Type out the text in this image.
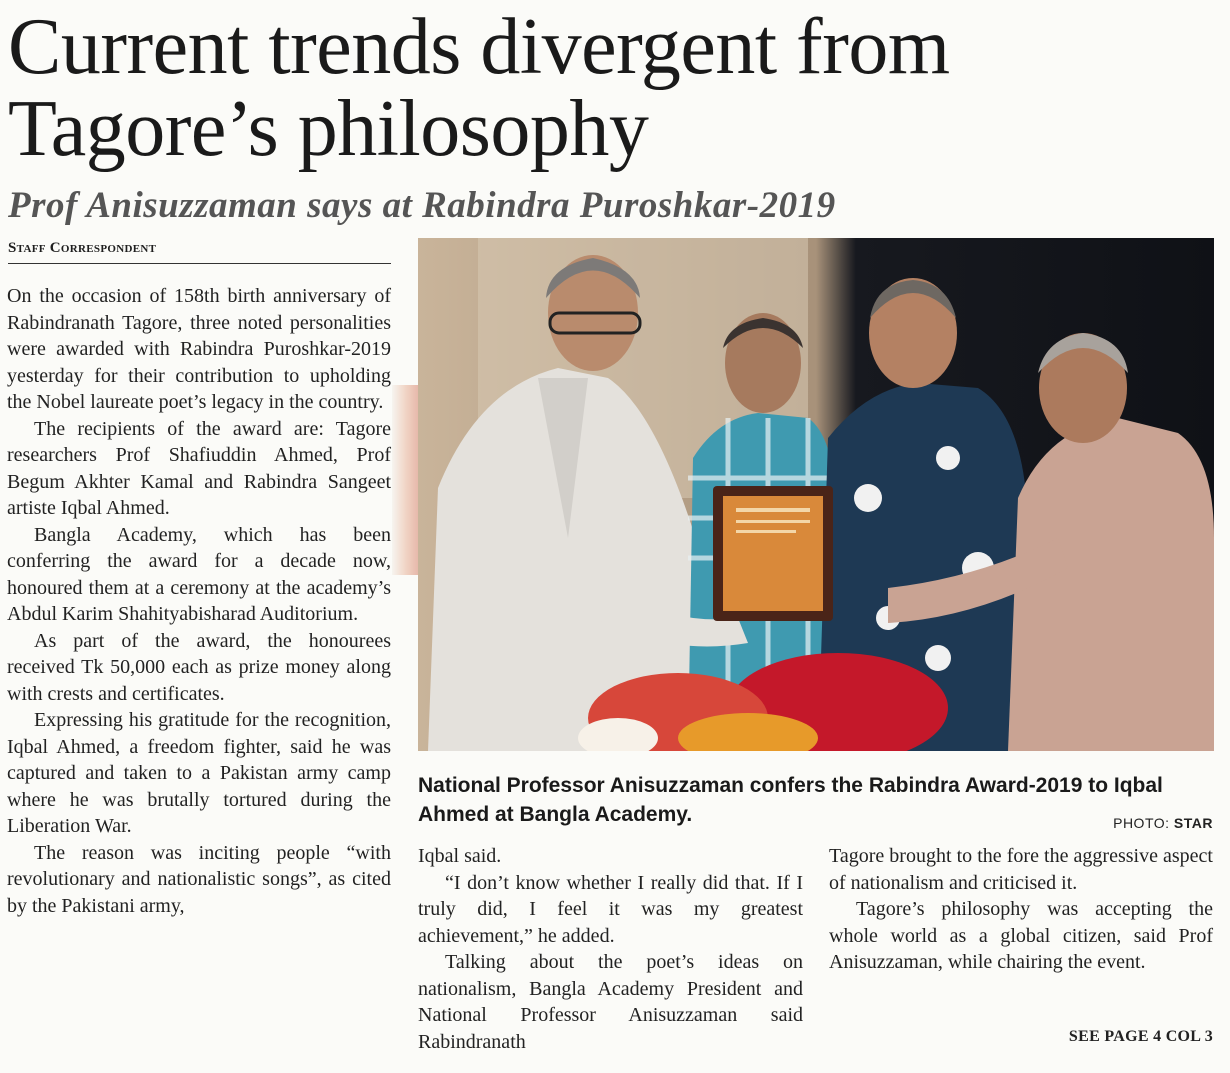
Current trends divergent from Tagore’s philosophy
Prof Anisuzzaman says at Rabindra Puroshkar-2019
Staff Correspondent

On the occasion of 158th birth anniversary of Rabindranath Tagore, three noted personalities were awarded with Rabindra Puroshkar-2019 yesterday for their contribution to upholding the Nobel laureate poet’s legacy in the country.

The recipients of the award are: Tagore researchers Prof Shafiuddin Ahmed, Prof Begum Akhter Kamal and Rabindra Sangeet artiste Iqbal Ahmed.

Bangla Academy, which has been conferring the award for a decade now, honoured them at a ceremony at the academy’s Abdul Karim Shahityabisharad Auditorium.

As part of the award, the honourees received Tk 50,000 each as prize money along with crests and certificates.

Expressing his gratitude for the recognition, Iqbal Ahmed, a freedom fighter, said he was captured and taken to a Pakistan army camp where he was brutally tortured during the Liberation War.

The reason was inciting people “with revolutionary and nationalistic songs”, as cited by the Pakistani army,

National Professor Anisuzzaman confers the Rabindra Award-2019 to Iqbal Ahmed at Bangla Academy.	PHOTO: STAR

Iqbal said.

“I don’t know whether I really did that. If I truly did, I feel it was my greatest achievement,” he added.

Talking about the poet’s ideas on nationalism, Bangla Academy President and National Professor Anisuzzaman said Rabindranath

Tagore brought to the fore the aggressive aspect of nationalism and criticised it.

Tagore’s philosophy was accepting the whole world as a global citizen, said Prof Anisuzzaman, while chairing the event.

SEE PAGE 4 COL 3
